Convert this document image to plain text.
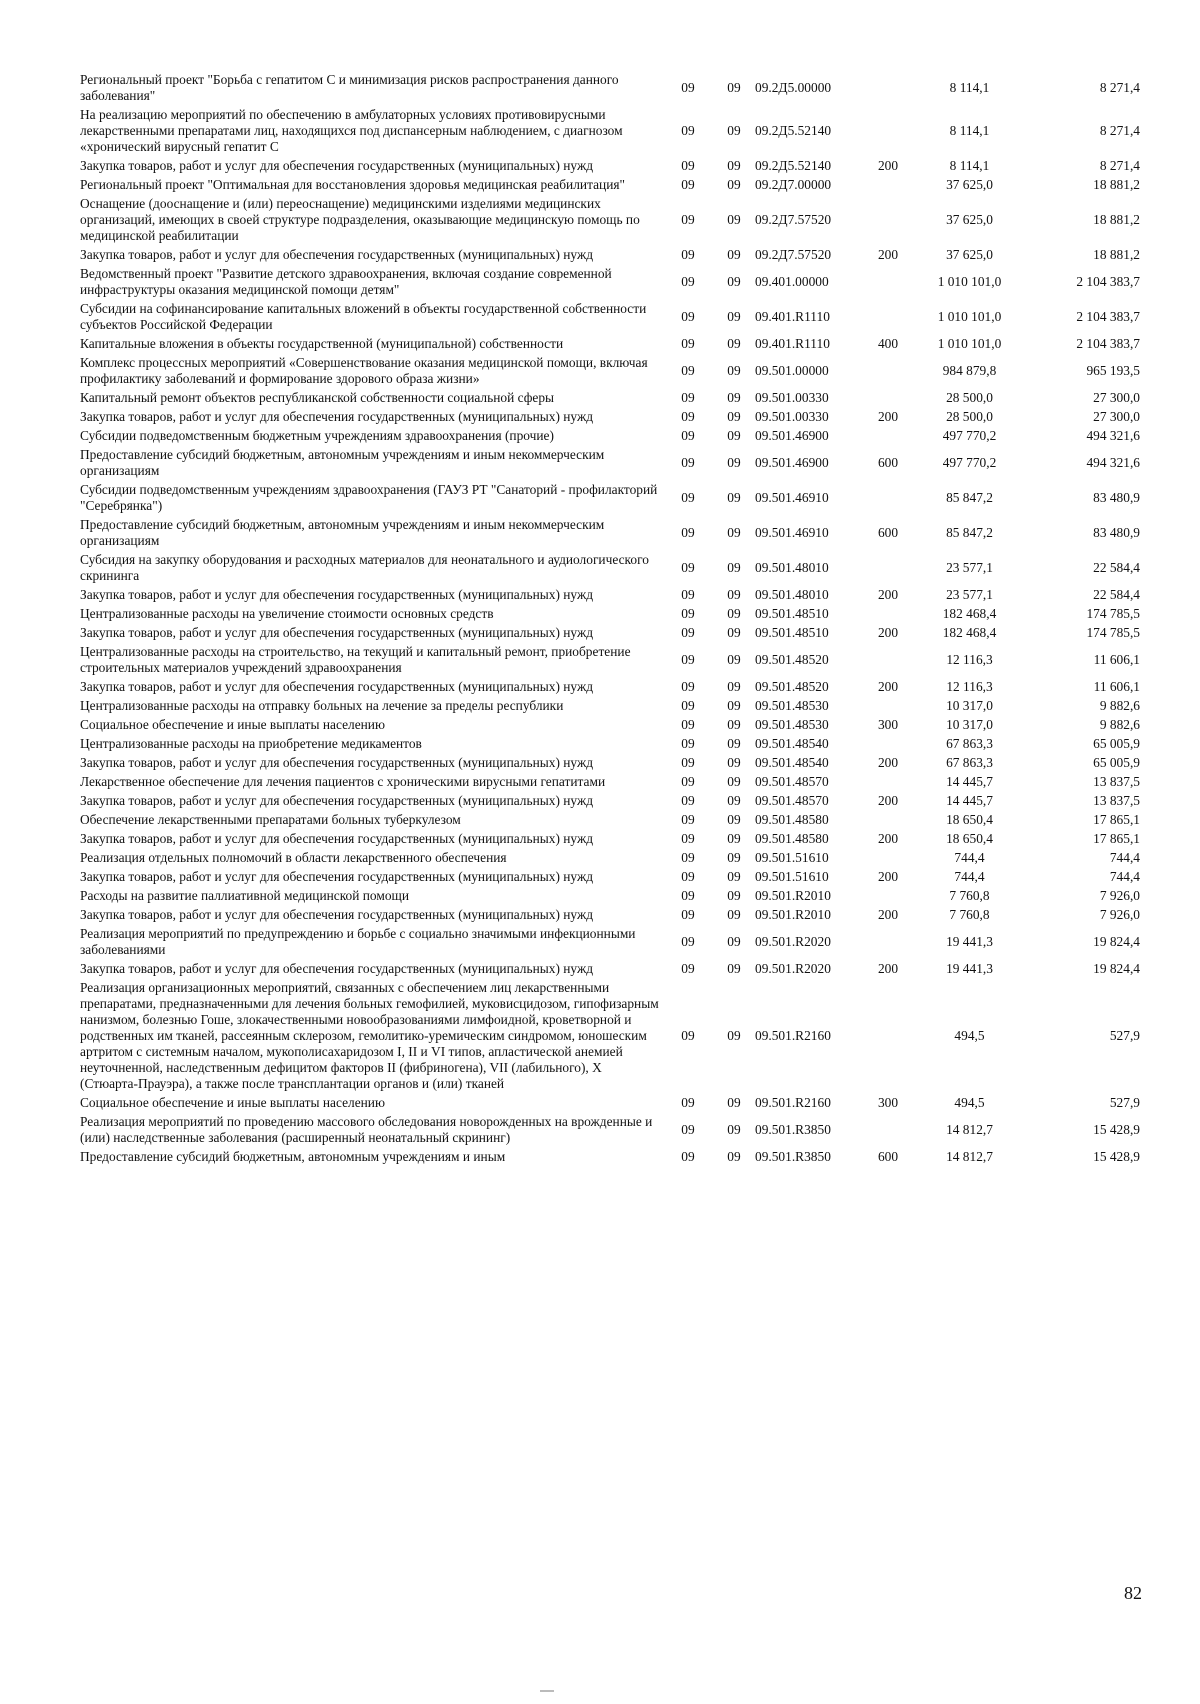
Региональный проект "Борьба с гепатитом С и минимизация рисков распространения данного заболевания"	09	09	09.2Д5.00000		8 114,1	8 271,4
На реализацию мероприятий по обеспечению в амбулаторных условиях противовирусными лекарственными препаратами лиц, находящихся под диспансерным наблюдением, с диагнозом «хронический вирусный гепатит С	09	09	09.2Д5.52140		8 114,1	8 271,4
Закупка товаров, работ и услуг для обеспечения государственных (муниципальных) нужд	09	09	09.2Д5.52140	200	8 114,1	8 271,4
Региональный проект "Оптимальная для восстановления здоровья медицинская реабилитация"	09	09	09.2Д7.00000		37 625,0	18 881,2
Оснащение (дооснащение и (или) переоснащение) медицинскими изделиями медицинских организаций, имеющих в своей структуре подразделения, оказывающие медицинскую помощь по медицинской реабилитации	09	09	09.2Д7.57520		37 625,0	18 881,2
Закупка товаров, работ и услуг для обеспечения государственных (муниципальных) нужд	09	09	09.2Д7.57520	200	37 625,0	18 881,2
Ведомственный проект "Развитие детского здравоохранения, включая создание современной инфраструктуры оказания медицинской помощи детям"	09	09	09.401.00000		1 010 101,0	2 104 383,7
Субсидии на софинансирование капитальных вложений в объекты государственной собственности субъектов Российской Федерации	09	09	09.401.R1110		1 010 101,0	2 104 383,7
Капитальные вложения в объекты государственной (муниципальной) собственности	09	09	09.401.R1110	400	1 010 101,0	2 104 383,7
Комплекс процессных мероприятий «Совершенствование оказания медицинской помощи, включая профилактику заболеваний и формирование здорового образа жизни»	09	09	09.501.00000		984 879,8	965 193,5
Капитальный ремонт объектов республиканской собственности социальной сферы	09	09	09.501.00330		28 500,0	27 300,0
Закупка товаров, работ и услуг для обеспечения государственных (муниципальных) нужд	09	09	09.501.00330	200	28 500,0	27 300,0
Субсидии подведомственным бюджетным учреждениям здравоохранения (прочие)	09	09	09.501.46900		497 770,2	494 321,6
Предоставление субсидий бюджетным, автономным учреждениям и иным некоммерческим организациям	09	09	09.501.46900	600	497 770,2	494 321,6
Субсидии подведомственным учреждениям здравоохранения (ГАУЗ РТ "Санаторий - профилакторий "Серебрянка")	09	09	09.501.46910		85 847,2	83 480,9
Предоставление субсидий бюджетным, автономным учреждениям и иным некоммерческим организациям	09	09	09.501.46910	600	85 847,2	83 480,9
Субсидия на закупку оборудования и расходных материалов для неонатального и аудиологического скрининга	09	09	09.501.48010		23 577,1	22 584,4
Закупка товаров, работ и услуг для обеспечения государственных (муниципальных) нужд	09	09	09.501.48010	200	23 577,1	22 584,4
Централизованные расходы на увеличение стоимости основных средств	09	09	09.501.48510		182 468,4	174 785,5
Закупка товаров, работ и услуг для обеспечения государственных (муниципальных) нужд	09	09	09.501.48510	200	182 468,4	174 785,5
Централизованные расходы на строительство, на текущий и капитальный ремонт, приобретение строительных материалов учреждений здравоохранения	09	09	09.501.48520		12 116,3	11 606,1
Закупка товаров, работ и услуг для обеспечения государственных (муниципальных) нужд	09	09	09.501.48520	200	12 116,3	11 606,1
Централизованные расходы на отправку больных на лечение за пределы республики	09	09	09.501.48530		10 317,0	9 882,6
Социальное обеспечение и иные выплаты населению	09	09	09.501.48530	300	10 317,0	9 882,6
Централизованные расходы на приобретение медикаментов	09	09	09.501.48540		67 863,3	65 005,9
Закупка товаров, работ и услуг для обеспечения государственных (муниципальных) нужд	09	09	09.501.48540	200	67 863,3	65 005,9
Лекарственное обеспечение для лечения пациентов с хроническими вирусными гепатитами	09	09	09.501.48570		14 445,7	13 837,5
Закупка товаров, работ и услуг для обеспечения государственных (муниципальных) нужд	09	09	09.501.48570	200	14 445,7	13 837,5
Обеспечение лекарственными препаратами больных туберкулезом	09	09	09.501.48580		18 650,4	17 865,1
Закупка товаров, работ и услуг для обеспечения государственных (муниципальных) нужд	09	09	09.501.48580	200	18 650,4	17 865,1
Реализация отдельных полномочий в области лекарственного обеспечения	09	09	09.501.51610		744,4	744,4
Закупка товаров, работ и услуг для обеспечения государственных (муниципальных) нужд	09	09	09.501.51610	200	744,4	744,4
Расходы на развитие паллиативной медицинской помощи	09	09	09.501.R2010		7 760,8	7 926,0
Закупка товаров, работ и услуг для обеспечения государственных (муниципальных) нужд	09	09	09.501.R2010	200	7 760,8	7 926,0
Реализация мероприятий по предупреждению и борьбе с социально значимыми инфекционными заболеваниями	09	09	09.501.R2020		19 441,3	19 824,4
Закупка товаров, работ и услуг для обеспечения государственных (муниципальных) нужд	09	09	09.501.R2020	200	19 441,3	19 824,4
Реализация организационных мероприятий, связанных с обеспечением лиц лекарственными препаратами, предназначенными для лечения больных гемофилией, муковисцидозом, гипофизарным нанизмом, болезнью Гоше, злокачественными новообразованиями лимфоидной, кроветворной и родственных им тканей, рассеянным склерозом, гемолитико-уремическим синдромом, юношеским артритом с системным началом, мукополисахаридозом I, II и VI типов, апластической анемией неуточненной, наследственным дефицитом факторов II (фибриногена), VII (лабильного), X (Стюарта-Прауэра), а также после трансплантации органов и (или) тканей	09	09	09.501.R2160		494,5	527,9
Социальное обеспечение и иные выплаты населению	09	09	09.501.R2160	300	494,5	527,9
Реализация мероприятий по проведению массового обследования новорожденных на врожденные и (или) наследственные заболевания (расширенный неонатальный скрининг)	09	09	09.501.R3850		14 812,7	15 428,9
Предоставление субсидий бюджетным, автономным учреждениям и иным	09	09	09.501.R3850	600	14 812,7	15 428,9
82
